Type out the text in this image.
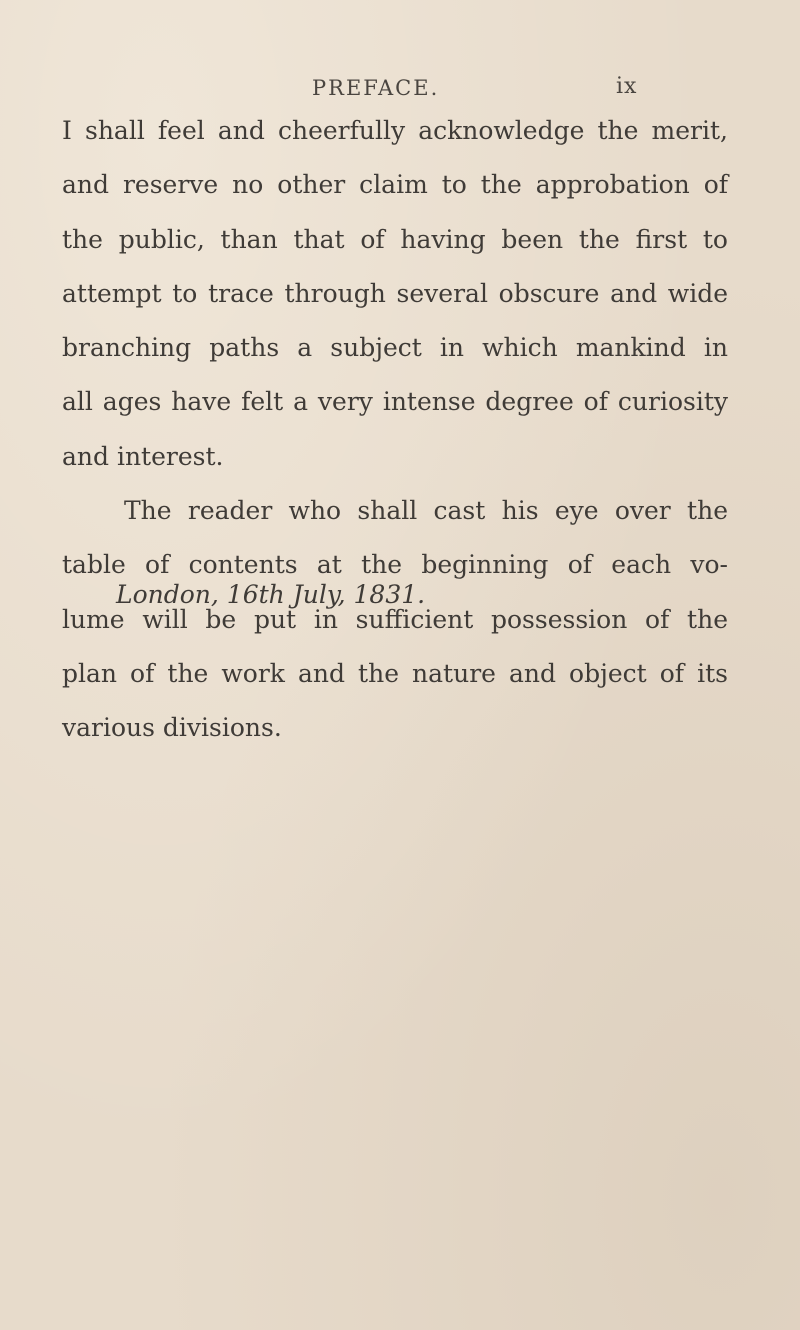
PREFACE.	ix
I shall feel and cheerfully acknowledge the merit,
and reserve no other claim to the approbation of
the public, than that of having been the first to
attempt to trace through several obscure and wide
branching paths a subject in which mankind in
all ages have felt a very intense degree of curiosity
and interest.
The reader who shall cast his eye over the
table of contents at the beginning of each vo-
lume will be put in sufficient possession of the
plan of the work and the nature and object of its
various divisions.
London, 16th July, 1831.
